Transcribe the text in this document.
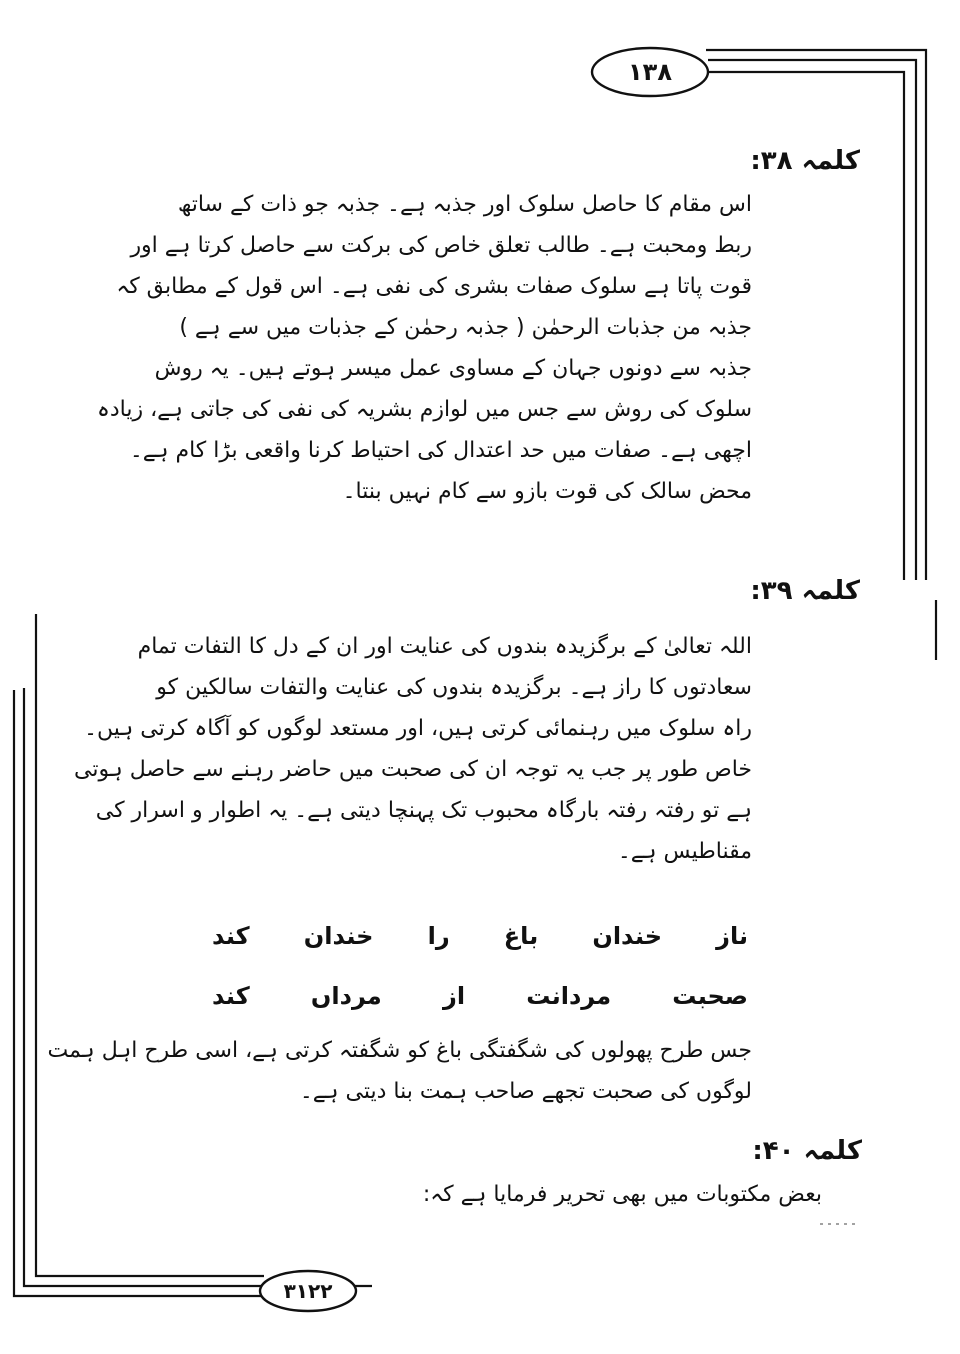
۱۳۸
۳۱۲۲
کلمہ ۳۸:
اس مقام کا حاصل سلوک اور جذبہ ہے۔ جذبہ جو ذات کے ساتھ
ربط ومحبت ہے۔ طالب تعلق خاص کی برکت سے حاصل کرتا ہے اور
قوت پاتا ہے سلوک صفات بشری کی نفی ہے۔ اس قول کے مطابق کہ
جذبہ من جذبات الرحمٰن ( جذبہ رحمٰن کے جذبات میں سے ہے )
جذبہ سے دونوں جہان کے مساوی عمل میسر ہوتے ہیں۔ یہ روش
سلوک کی روش سے جس میں لوازم بشریہ کی نفی کی جاتی ہے، زیادہ
اچھی ہے۔ صفات میں حد اعتدال کی احتیاط کرنا واقعی بڑا کام ہے۔
محض سالک کی قوت بازو سے کام نہیں بنتا۔
کلمہ ۳۹:
اللہ تعالیٰ کے برگزیدہ بندوں کی عنایت اور ان کے دل کا التفات تمام
سعادتوں کا راز ہے۔ برگزیدہ بندوں کی عنایت والتفات سالکین کو
راہ سلوک میں رہنمائی کرتی ہیں، اور مستعد لوگوں کو آگاہ کرتی ہیں۔
خاص طور پر جب یہ توجہ ان کی صحبت میں حاضر رہنے سے حاصل ہوتی
ہے تو رفتہ رفتہ بارگاہ محبوب تک پہنچا دیتی ہے۔ یہ اطوار و اسرار کی
مقناطیس ہے۔
ناز
خندان
باغ
را
خندان
کند
صحبت
مردانت
از
مرداں
کند
جس طرح پھولوں کی شگفتگی باغ کو شگفتہ کرتی ہے، اسی طرح اہل ہمت
لوگوں کی صحبت تجھے صاحب ہمت بنا دیتی ہے۔
کلمہ ۴۰:
بعض مکتوبات میں بھی تحریر فرمایا ہے کہ:
